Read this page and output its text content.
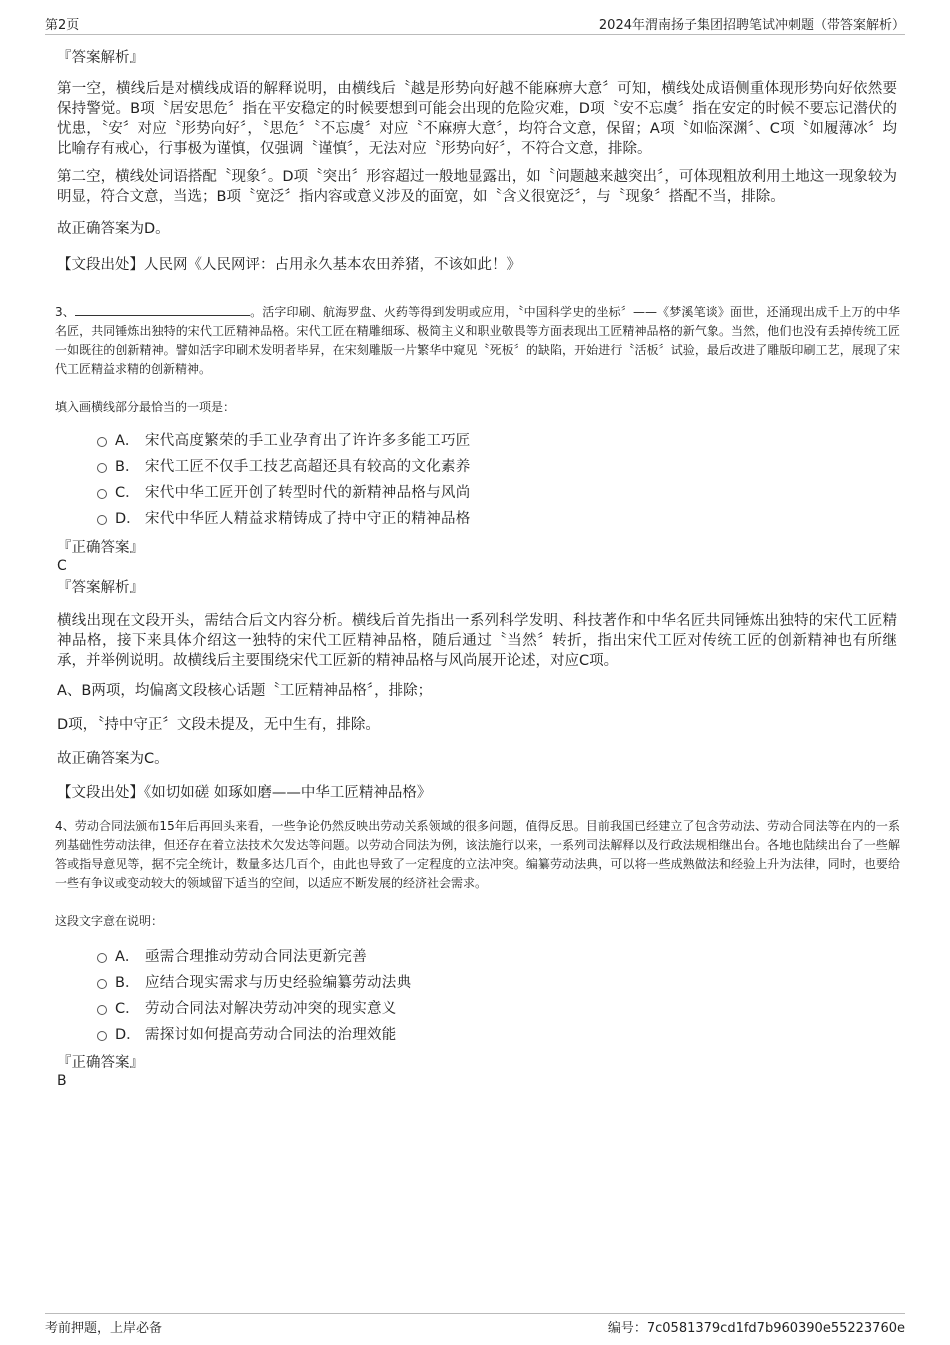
第2页	2024年渭南扬子集团招聘笔试冲刺题（带答案解析）
『答案解析』
第一空，横线后是对横线成语的解释说明，由横线后〝越是形势向好越不能麻痹大意〞可知，横线处成语侧重体现形势向好依然要保持警觉。B项〝居安思危〞指在平安稳定的时候要想到可能会出现的危险灾难，D项〝安不忘虞〞指在安定的时候不要忘记潜伏的忧患，〝安〞对应〝形势向好〞，〝思危〞〝不忘虞〞对应〝不麻痹大意〞，均符合文意，保留；A项〝如临深渊〞、C项〝如履薄冰〞均比喻存有戒心，行事极为谨慎，仅强调〝谨慎〞，无法对应〝形势向好〞，不符合文意，排除。
第二空，横线处词语搭配〝现象〞。D项〝突出〞形容超过一般地显露出，如〝问题越来越突出〞，可体现粗放利用土地这一现象较为明显，符合文意，当选；B项〝宽泛〞指内容或意义涉及的面宽，如〝含义很宽泛〞，与〝现象〞搭配不当，排除。
故正确答案为D。
【文段出处】人民网《人民网评：占用永久基本农田养猪，不该如此！》
3、	。活字印刷、航海罗盘、火药等得到发明或应用，〝中国科学史的坐标〞——《梦溪笔谈》面世，还涌现出成千上万的中华名匠，共同锤炼出独特的宋代工匠精神品格。宋代工匠在精雕细琢、极简主义和职业敬畏等方面表现出工匠精神品格的新气象。当然，他们也没有丢掉传统工匠一如既往的创新精神。譬如活字印刷术发明者毕昇，在宋刻雕版一片繁华中窥见〝死板〞的缺陷，开始进行〝活板〞试验，最后改进了雕版印刷工艺，展现了宋代工匠精益求精的创新精神。
填入画横线部分最恰当的一项是：
A． 宋代高度繁荣的手工业孕育出了许许多多能工巧匠
B． 宋代工匠不仅手工技艺高超还具有较高的文化素养
C． 宋代中华工匠开创了转型时代的新精神品格与风尚
D． 宋代中华匠人精益求精铸成了持中守正的精神品格
『正确答案』
C
『答案解析』
横线出现在文段开头，需结合后文内容分析。横线后首先指出一系列科学发明、科技著作和中华名匠共同锤炼出独特的宋代工匠精神品格，接下来具体介绍这一独特的宋代工匠精神品格，随后通过〝当然〞转折，指出宋代工匠对传统工匠的创新精神也有所继承，并举例说明。故横线后主要围绕宋代工匠新的精神品格与风尚展开论述，对应C项。
A、B两项，均偏离文段核心话题〝工匠精神品格〞，排除；
D项，〝持中守正〞文段未提及，无中生有，排除。
故正确答案为C。
【文段出处】《如切如磋 如琢如磨——中华工匠精神品格》
4、劳动合同法颁布15年后再回头来看，一些争论仍然反映出劳动关系领域的很多问题，值得反思。目前我国已经建立了包含劳动法、劳动合同法等在内的一系列基础性劳动法律，但还存在着立法技术欠发达等问题。以劳动合同法为例，该法施行以来，一系列司法解释以及行政法规相继出台。各地也陆续出台了一些解答或指导意见等，据不完全统计，数量多达几百个，由此也导致了一定程度的立法冲突。编纂劳动法典，可以将一些成熟做法和经验上升为法律，同时，也要给一些有争议或变动较大的领域留下适当的空间，以适应不断发展的经济社会需求。
这段文字意在说明：
A． 亟需合理推动劳动合同法更新完善
B． 应结合现实需求与历史经验编纂劳动法典
C． 劳动合同法对解决劳动冲突的现实意义
D． 需探讨如何提高劳动合同法的治理效能
『正确答案』
B
考前押题，上岸必备	编号：7c0581379cd1fd7b960390e55223760e
